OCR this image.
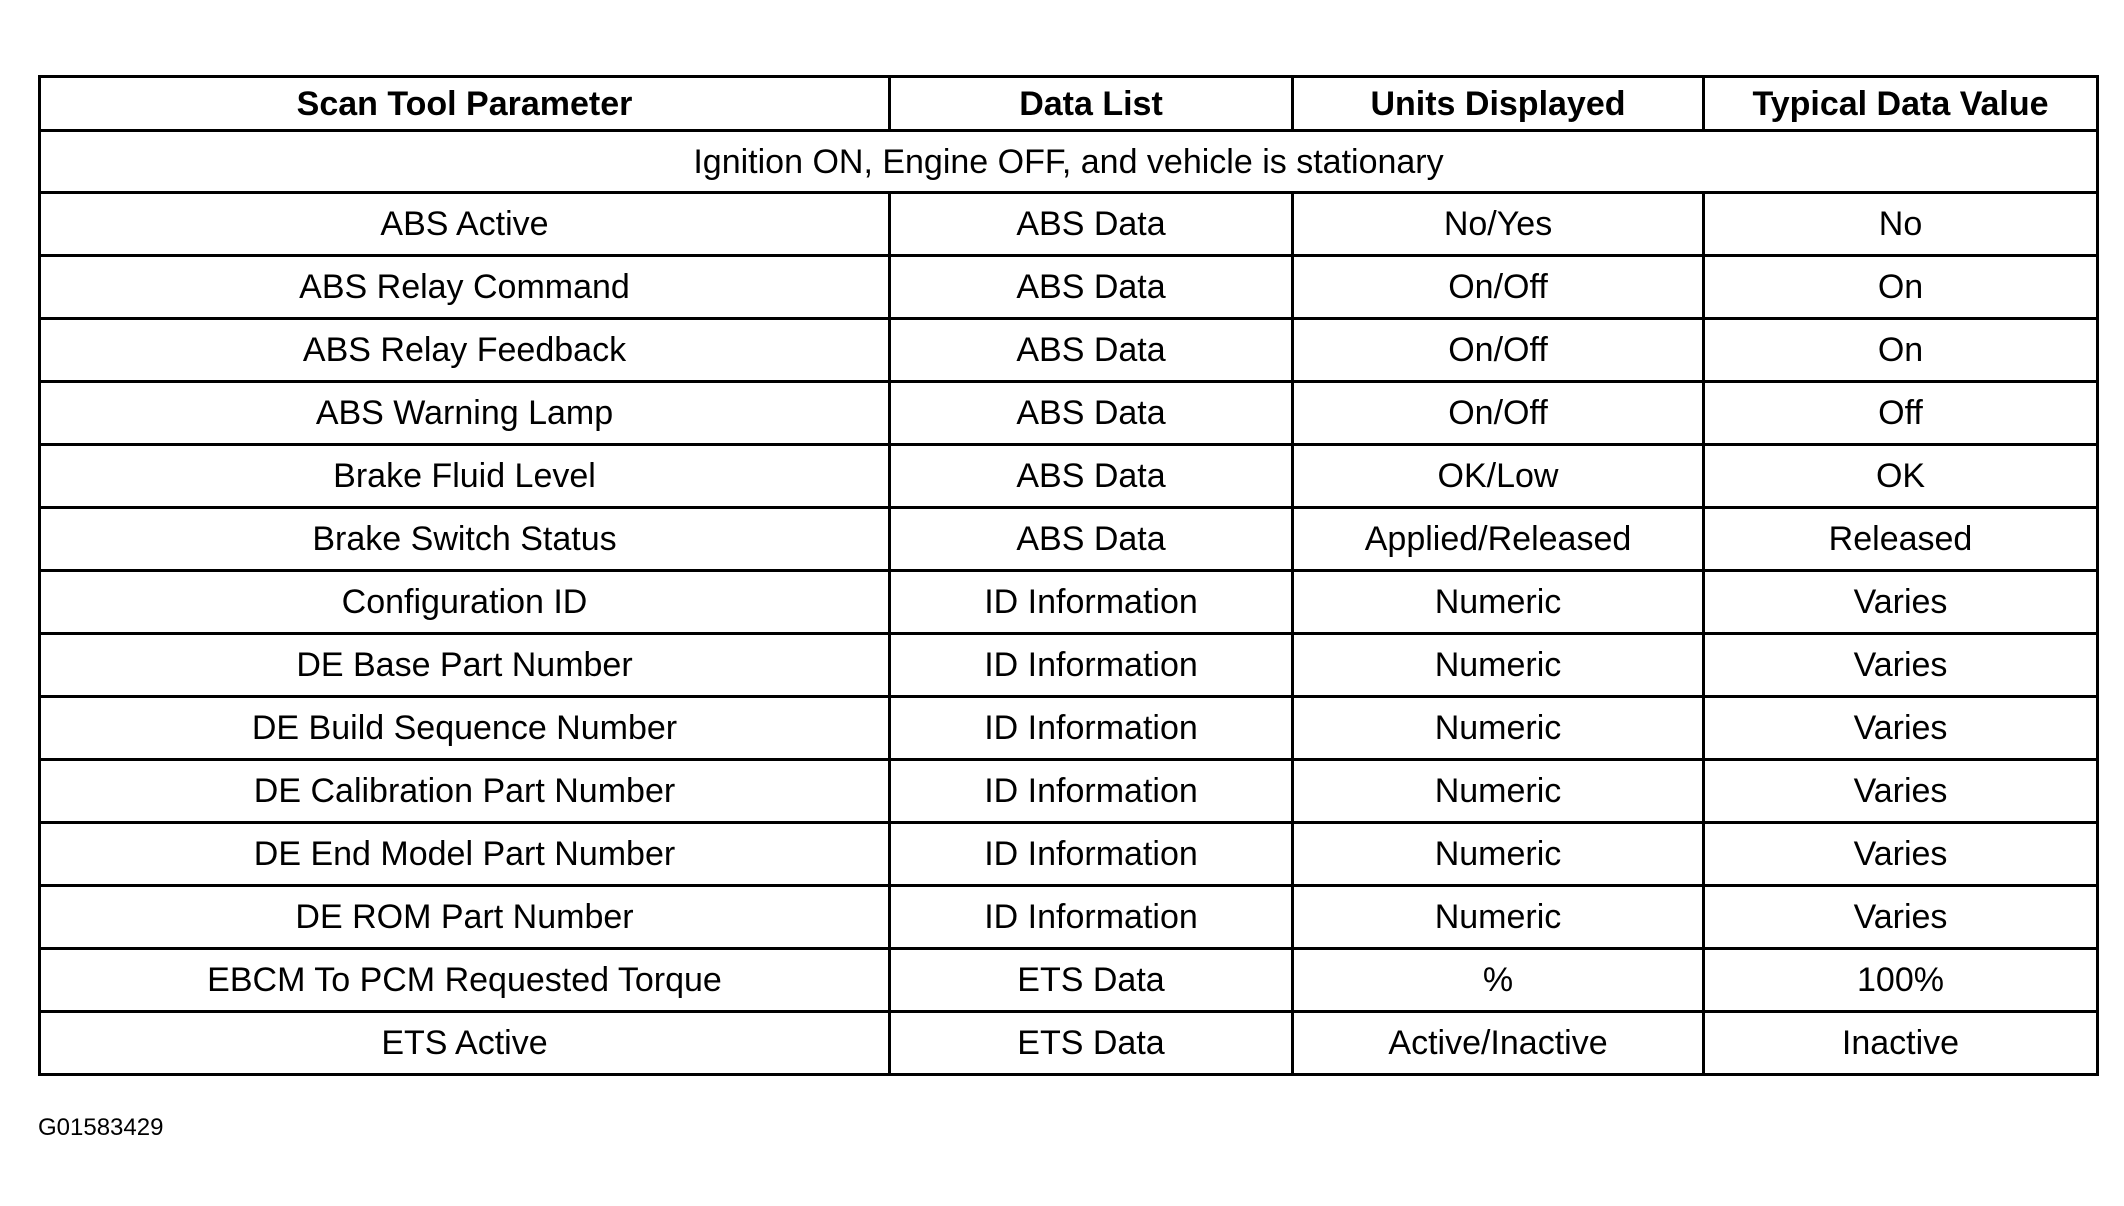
Scan Tool Parameter	Data List	Units Displayed	Typical Data Value
Ignition ON, Engine OFF, and vehicle is stationary			
ABS Active	ABS Data	No/Yes	No
ABS Relay Command	ABS Data	On/Off	On
ABS Relay Feedback	ABS Data	On/Off	On
ABS Warning Lamp	ABS Data	On/Off	Off
Brake Fluid Level	ABS Data	OK/Low	OK
Brake Switch Status	ABS Data	Applied/Released	Released
Configuration ID	ID Information	Numeric	Varies
DE Base Part Number	ID Information	Numeric	Varies
DE Build Sequence Number	ID Information	Numeric	Varies
DE Calibration Part Number	ID Information	Numeric	Varies
DE End Model Part Number	ID Information	Numeric	Varies
DE ROM Part Number	ID Information	Numeric	Varies
EBCM To PCM Requested Torque	ETS Data	%	100%
ETS Active	ETS Data	Active/Inactive	Inactive
G01583429
